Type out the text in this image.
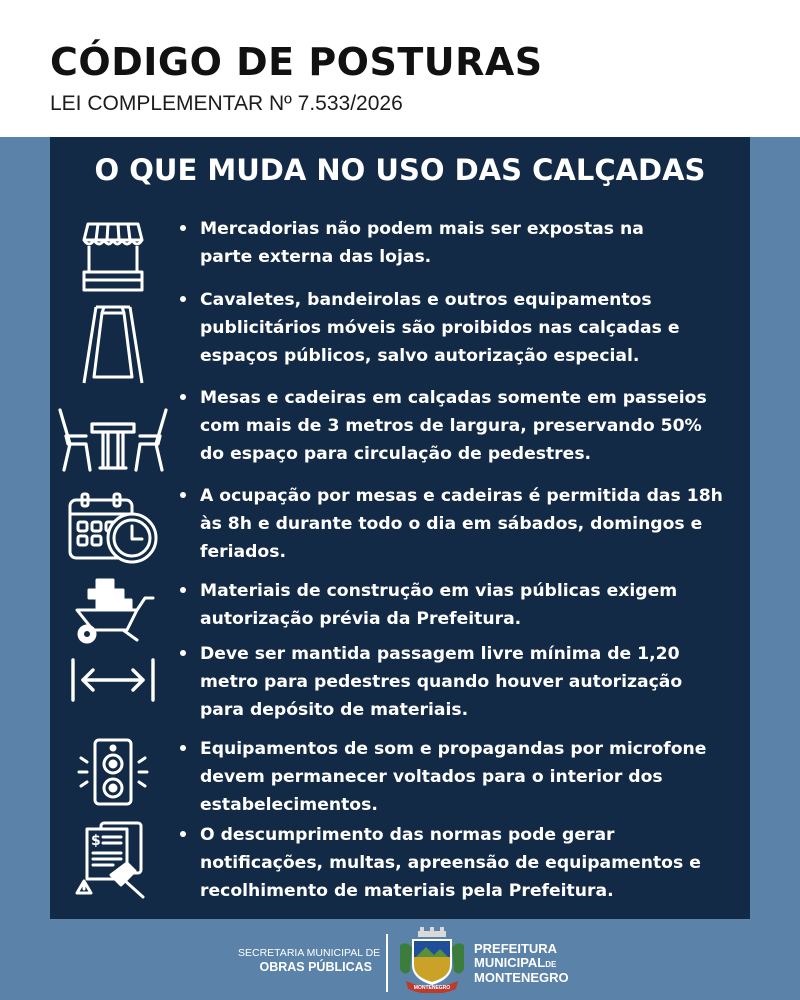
CÓDIGO DE POSTURAS
LEI COMPLEMENTAR Nº 7.533/2026
O QUE MUDA NO USO DAS CALÇADAS
$
Mercadorias não podem mais ser expostas na
parte externa das lojas.
Cavaletes, bandeirolas e outros equipamentos
publicitários móveis são proibidos nas calçadas e
espaços públicos, salvo autorização especial.
Mesas e cadeiras em calçadas somente em passeios
com mais de 3 metros de largura, preservando 50%
do espaço para circulação de pedestres.
A ocupação por mesas e cadeiras é permitida das 18h
às 8h e durante todo o dia em sábados, domingos e
feriados.
Materiais de construção em vias públicas exigem
autorização prévia da Prefeitura.
Deve ser mantida passagem livre mínima de 1,20
metro para pedestres quando houver autorização
para depósito de materiais.
Equipamentos de som e propagandas por microfone
devem permanecer voltados para o interior dos
estabelecimentos.
O descumprimento das normas pode gerar
notificações, multas, apreensão de equipamentos e
recolhimento de materiais pela Prefeitura.
SECRETARIA MUNICIPAL DE
OBRAS PÚBLICAS
MONTENEGRO
PREFEITURA
MUNICIPALDE
MONTENEGRO
